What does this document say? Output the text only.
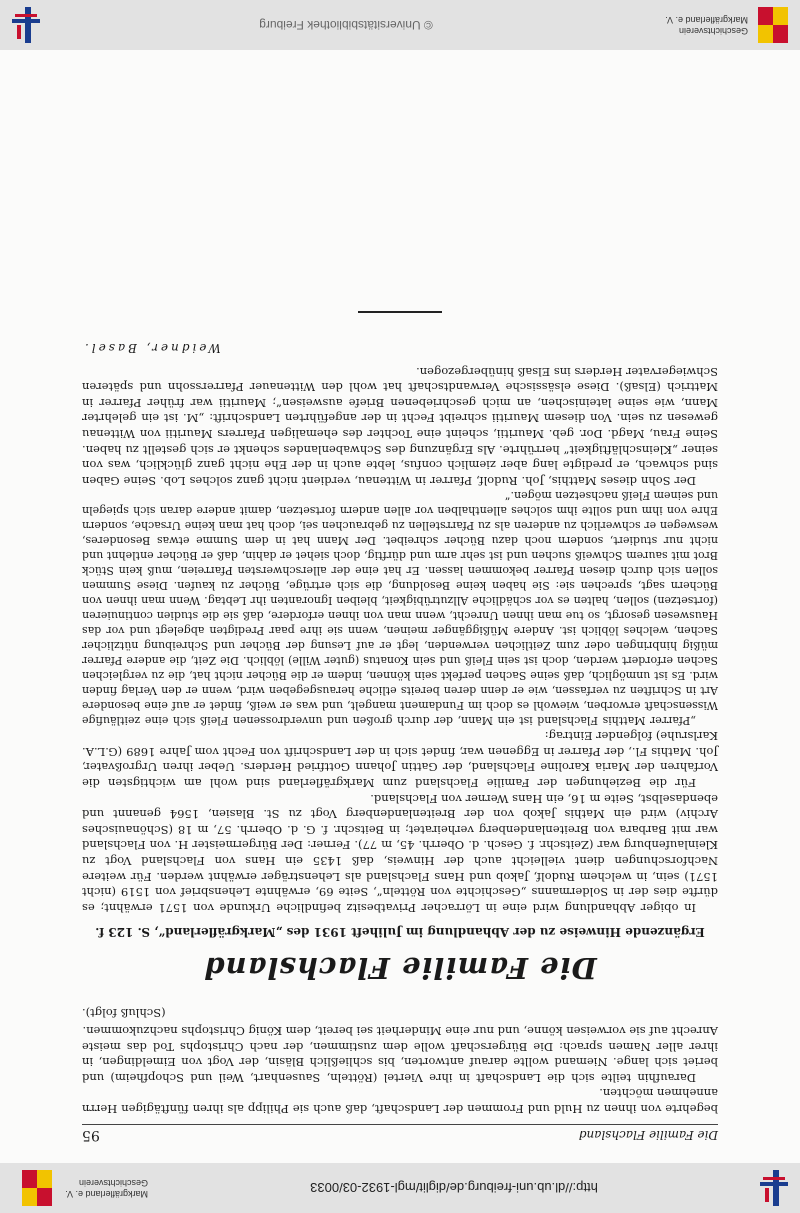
http://dl.ub.uni-freiburg.de/diglit/mgl-1932-03/0033
Markgräflerland e. V. Geschichtsverein
Die Familie Flachsland
95

begehrte von ihnen zu Huld und Frommen der Landschaft, daß auch sie Philipp als ihren fünftägigen Herrn annehmen möchten.

Daraufhin teilte sich die Landschaft in ihre Viertel (Rötteln, Sausenhart, Weil und Schopfheim) und beriet sich lange. Niemand wollte darauf antworten, bis schließlich Bläsin, der Vogt von Eimeldingen, in ihrer aller Namen sprach: Die Bürgerschaft wolle dem zustimmen, der nach Christophs Tod das meiste Anrecht auf sie vorweisen könne, und nur eine Minderheit sei bereit, dem König Christophs nachzukommen.

(Schluß folgt).
Die Familie Flachsland
Ergänzende Hinweise zu der Abhandlung im Juliheft 1931 des „Markgräflerland“, S. 123 f.

In obiger Abhandlung wird eine in Lörracher Privatbesitz befindliche Urkunde von 1571 erwähnt; es dürfte dies der in Soldermanns „Geschichte von Rötteln“, Seite 69, erwähnte Lehensbrief von 1519 (nicht 1571) sein, in welchem Rudolf, Jakob und Hans Flachsland als Lehensträger erwähnt werden. Für weitere Nachforschungen dient vielleicht auch der Hinweis, daß 1435 ein Hans von Flachsland Vogt zu Kleinlaufenburg war (Zeitschr. f. Gesch. d. Oberrh. 45, m 77). Ferner: Der Bürgermeister H. von Flachsland war mit Barbara von Breitenlandenberg verheiratet; in Beitschr. f. G. d. Oberrh. 57, m 18 (Schönauisches Archiv) wird ein Mathis Jakob von der Breitenlandenberg Vogt zu St. Blasien, 1564 genannt und ebendaselbst, Seite m 16, ein Hans Werner von Flachsland.

Für die Beziehungen der Familie Flachsland zum Markgräflerland sind wohl am wichtigsten die Vorfahren der Maria Karoline Flachsland, der Gattin Johann Gottfried Herders. Ueber ihren Urgroßvater, Joh. Mathis Fl., der Pfarrer in Eggenen war, findet sich in der Landschrift von Fecht vom Jahre 1689 (G.L.A. Karlsruhe) folgender Eintrag:

„Pfarrer Matthis Flachsland ist ein Mann, der durch großen und unverdrossenen Fleiß sich eine zeitläufige Wissenschaft erworben, wiewohl es doch im Fundament mangelt, und was er weiß, findet er auf eine besondere Art in Schriften zu verfassen, wie er denn deren bereits etliche herausgegeben wird, wenn er den Verlag finden wird. Es ist unmöglich, daß seine Sachen perfekt sein können, indem er die Bücher nicht hat, die zu vergleichen Sachen erfordert werden, doch ist sein Fleiß und sein Konatus (guter Wille) löblich. Die Zeit, die andere Pfarrer müßig hinbringen oder zum Zeitlichen verwenden, legt er auf Lesung der Bücher und Schreibung nützlicher Sachen, welches löblich ist. Andere Müßiggänger meinen, wenn sie ihre paar Predigten abgelegt und vor das Hauswesen gesorgt, so tue man ihnen Unrecht, wenn man von ihnen erfordere, daß sie die studien continuieren (fortsetzen) sollen, halten es vor schädliche Allzutrübigkeit, bleiben Ignoranten ihr Lebtag. Wenn man ihnen von Büchern sagt, sprechen sie: Sie haben keine Besoldung, die sich ertrüge, Bücher zu kaufen. Diese Summen sollen sich durch diesen Pfarrer bekommen lassen. Er hat eine der allerschwersten Pfarreien, muß kein Stück Brot mit saurem Schweiß suchen und ist sehr arm und dürftig, doch siehet er dahin, daß er Bücher entlehnt und nicht nur studiert, sondern noch dazu Bücher schreibet. Der Mann hat in dem Summe etwas Besonderes, weswegen er schwerlich zu anderen als zu Pfarrstellen zu gebrauchen sei, doch hat man keine Ursache, sondern Ehre von ihm und sollte ihm solches allenthalben vor allen andern fortsetzen, damit andere daran sich spiegeln und seinem Fleiß nachsetzen mögen.“

Der Sohn dieses Matthis, Joh. Rudolf, Pfarrer in Wittenau, verdient nicht ganz solches Lob. Seine Gaben sind schwach, er predigte lang aber ziemlich confus, lebte auch in der Ehe nicht ganz glücklich, was von seiner „Kleinschläftigkeit“ herrührte. Als Ergänzung des Schwabenlandes schenkt er sich gestellt zu haben. Seine Frau, Magd. Dor. geb. Mauritii, scheint eine Tochter des ehemaligen Pfarrers Mauritii von Wittenau gewesen zu sein. Von diesem Mauritii schreibt Fecht in der angeführten Landschrift: „M. ist ein gelehrter Mann, wie seine lateinischen, an mich geschriebenen Briefe ausweisen“; Mauritii war früher Pfarrer in Mattrich (Elsaß). Diese elsässische Verwandtschaft hat wohl den Wittenauer Pfarrerssohn und späteren Schwiegervater Herders ins Elsaß hinübergezogen.

Weidner, Basel.
Geschichtsverein Markgräflerland e. V.
© Universitätsbibliothek Freiburg
